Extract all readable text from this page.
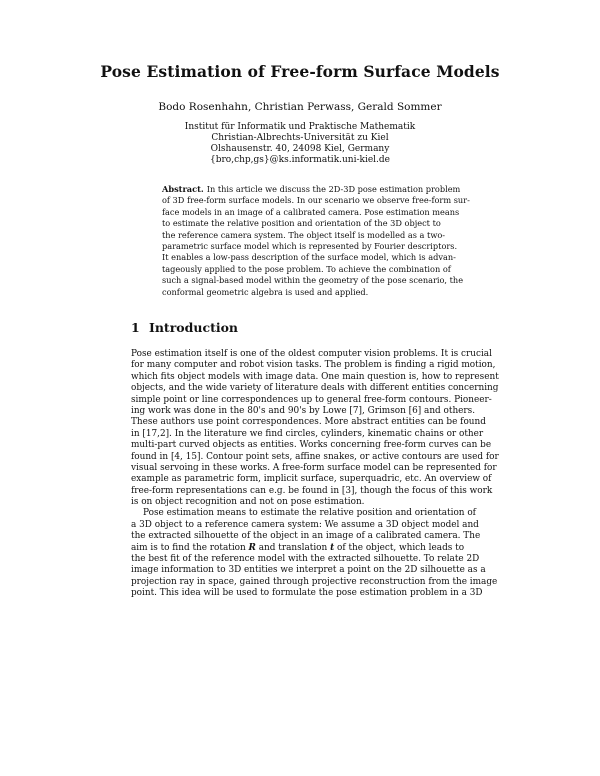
Pose Estimation of Free-form Surface Models
Bodo Rosenhahn, Christian Perwass, Gerald Sommer
Institut für Informatik und Praktische Mathematik
Christian-Albrechts-Universität zu Kiel
Olshausenstr. 40, 24098 Kiel, Germany
{bro,chp,gs}@ks.informatik.uni-kiel.de
Abstract. In this article we discuss the 2D-3D pose estimation problem
of 3D free-form surface models. In our scenario we observe free-form sur-
face models in an image of a calibrated camera. Pose estimation means
to estimate the relative position and orientation of the 3D object to
the reference camera system. The object itself is modelled as a two-
parametric surface model which is represented by Fourier descriptors.
It enables a low-pass description of the surface model, which is advan-
tageously applied to the pose problem. To achieve the combination of
such a signal-based model within the geometry of the pose scenario, the
conformal geometric algebra is used and applied.
1 Introduction
Pose estimation itself is one of the oldest computer vision problems. It is crucial
for many computer and robot vision tasks. The problem is finding a rigid motion,
which fits object models with image data. One main question is, how to represent
objects, and the wide variety of literature deals with different entities concerning
simple point or line correspondences up to general free-form contours. Pioneer-
ing work was done in the 80's and 90's by Lowe [7], Grimson [6] and others.
These authors use point correspondences. More abstract entities can be found
in [17,2]. In the literature we find circles, cylinders, kinematic chains or other
multi-part curved objects as entities. Works concerning free-form curves can be
found in [4, 15]. Contour point sets, affine snakes, or active contours are used for
visual servoing in these works. A free-form surface model can be represented for
example as parametric form, implicit surface, superquadric, etc. An overview of
free-form representations can e.g. be found in [3], though the focus of this work
is on object recognition and not on pose estimation.
Pose estimation means to estimate the relative position and orientation of
a 3D object to a reference camera system: We assume a 3D object model and
the extracted silhouette of the object in an image of a calibrated camera. The
aim is to find the rotation R and translation t of the object, which leads to
the best fit of the reference model with the extracted silhouette. To relate 2D
image information to 3D entities we interpret a point on the 2D silhouette as a
projection ray in space, gained through projective reconstruction from the image
point. This idea will be used to formulate the pose estimation problem in a 3D
